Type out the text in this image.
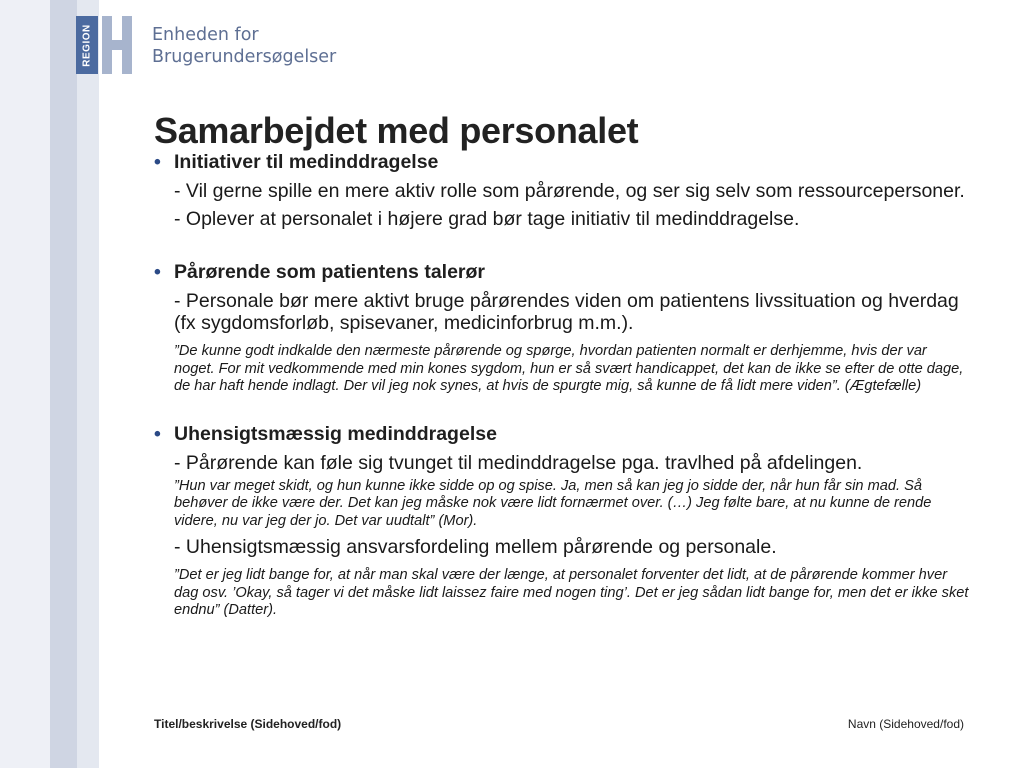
REGION	Enheden for
Brugerundersøgelser
Samarbejdet med personalet
• Initiativer til medinddragelse
- Vil gerne spille en mere aktiv rolle som pårørende, og ser sig selv som ressourcepersoner.
- Oplever at personalet i højere grad bør tage initiativ til medinddragelse.
• Pårørende som patientens talerør
- Personale bør mere aktivt bruge pårørendes viden om patientens livssituation og hverdag (fx sygdomsforløb, spisevaner, medicinforbrug m.m.).
”De kunne godt indkalde den nærmeste pårørende og spørge, hvordan patienten normalt er derhjemme, hvis der var noget. For mit vedkommende med min kones sygdom, hun er så svært handicappet, det kan de ikke se efter de otte dage, de har haft hende indlagt. Der vil jeg nok synes, at hvis de spurgte mig, så kunne de få lidt mere viden”. (Ægtefælle)
• Uhensigtsmæssig medinddragelse
- Pårørende kan føle sig tvunget til medinddragelse pga. travlhed på afdelingen.
”Hun var meget skidt, og hun kunne ikke sidde op og spise. Ja, men så kan jeg jo sidde der, når hun får sin mad. Så behøver de ikke være der. Det kan jeg måske nok være lidt fornærmet over. (…) Jeg følte bare, at nu kunne de rende videre, nu var jeg der jo. Det var uudtalt” (Mor).
- Uhensigtsmæssig ansvarsfordeling mellem pårørende og personale.
”Det er jeg lidt bange for, at når man skal være der længe, at personalet forventer det lidt, at de pårørende kommer hver dag osv. ’Okay, så tager vi det måske lidt laissez faire med nogen ting’. Det er jeg sådan lidt bange for, men det er ikke sket endnu” (Datter).
Titel/beskrivelse (Sidehoved/fod)	Navn (Sidehoved/fod)
